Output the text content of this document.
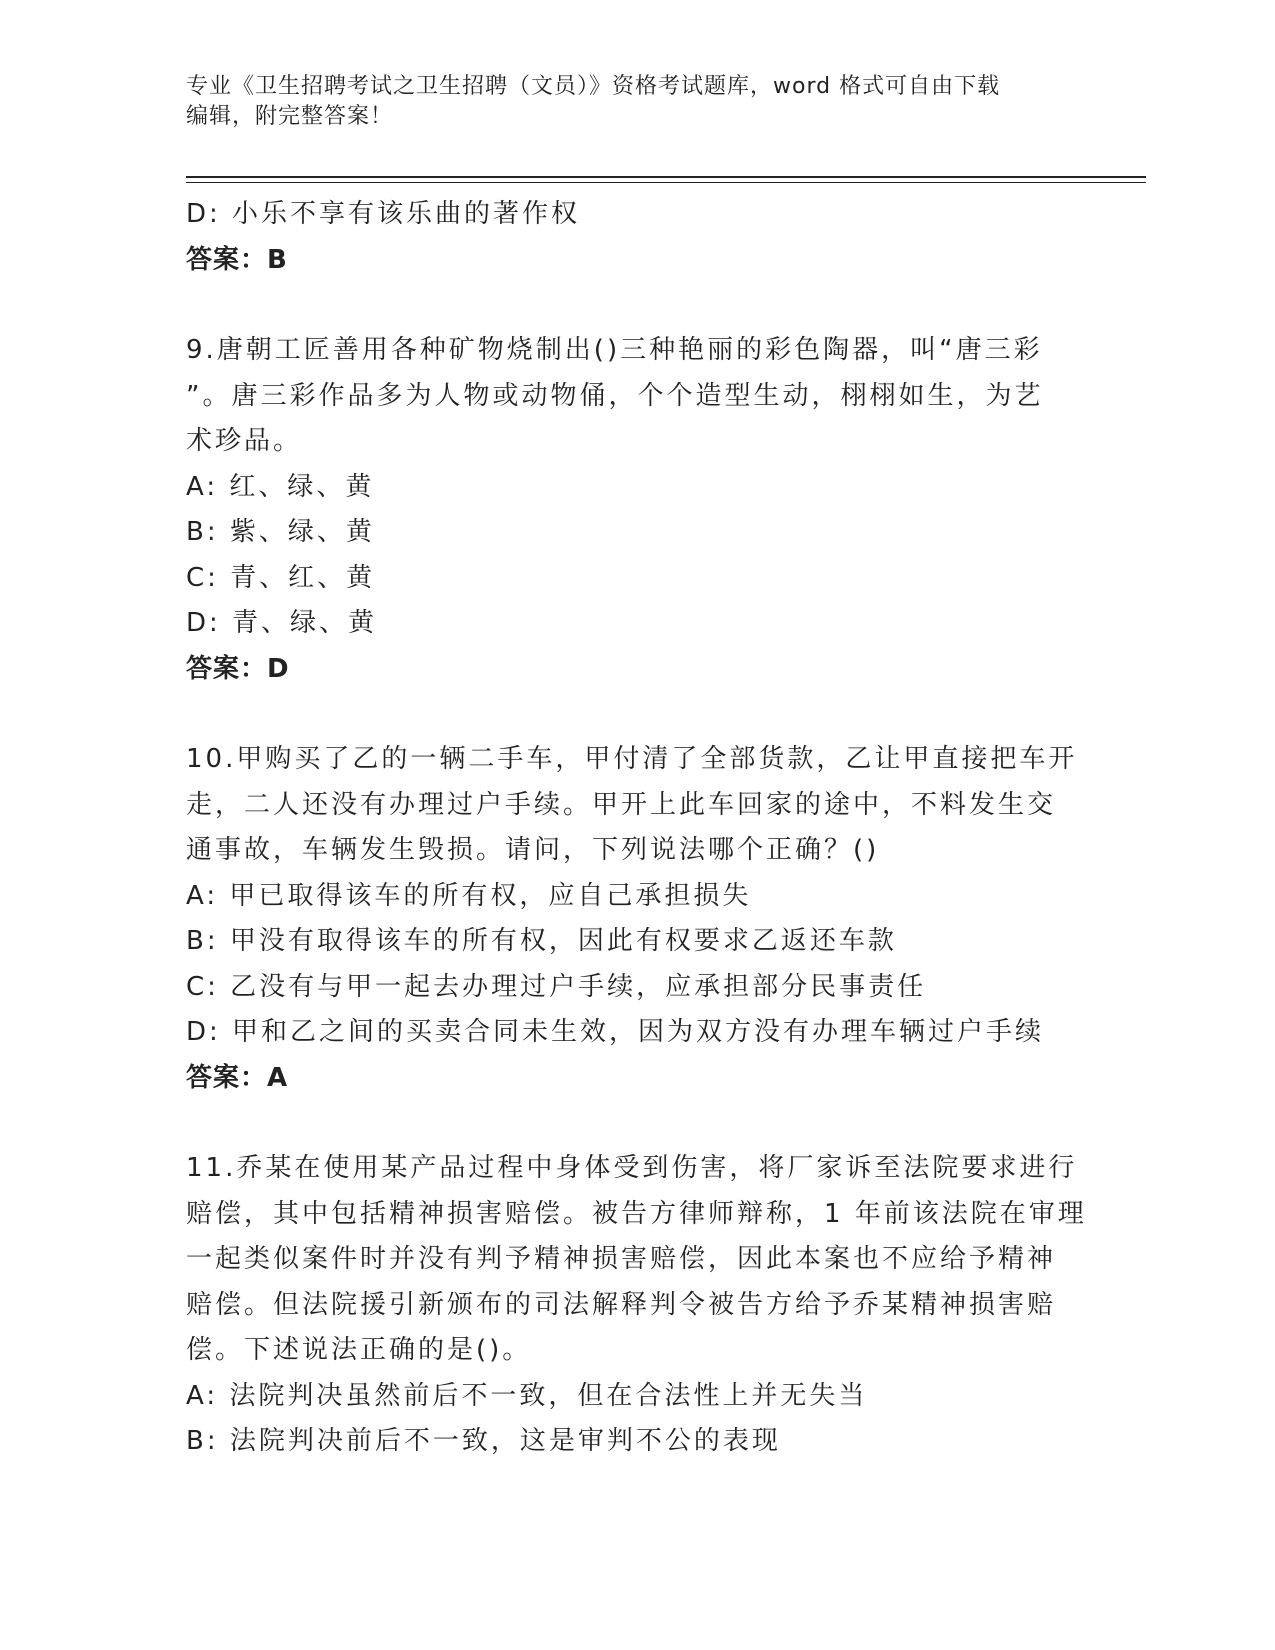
专业《卫生招聘考试之卫生招聘（文员）》资格考试题库，word 格式可自由下载
编辑，附完整答案！
D: 小乐不享有该乐曲的著作权
答案：B
9.唐朝工匠善用各种矿物烧制出()三种艳丽的彩色陶器，叫“唐三彩
”。唐三彩作品多为人物或动物俑，个个造型生动，栩栩如生，为艺
术珍品。
A: 红、绿、黄
B: 紫、绿、黄
C: 青、红、黄
D: 青、绿、黄
答案：D
10.甲购买了乙的一辆二手车，甲付清了全部货款，乙让甲直接把车开
走，二人还没有办理过户手续。甲开上此车回家的途中，不料发生交
通事故，车辆发生毁损。请问，下列说法哪个正确？()
A: 甲已取得该车的所有权，应自己承担损失
B: 甲没有取得该车的所有权，因此有权要求乙返还车款
C: 乙没有与甲一起去办理过户手续，应承担部分民事责任
D: 甲和乙之间的买卖合同未生效，因为双方没有办理车辆过户手续
答案：A
11.乔某在使用某产品过程中身体受到伤害，将厂家诉至法院要求进行
赔偿，其中包括精神损害赔偿。被告方律师辩称，1 年前该法院在审理
一起类似案件时并没有判予精神损害赔偿，因此本案也不应给予精神
赔偿。但法院援引新颁布的司法解释判令被告方给予乔某精神损害赔
偿。下述说法正确的是()。
A: 法院判决虽然前后不一致，但在合法性上并无失当
B: 法院判决前后不一致，这是审判不公的表现
